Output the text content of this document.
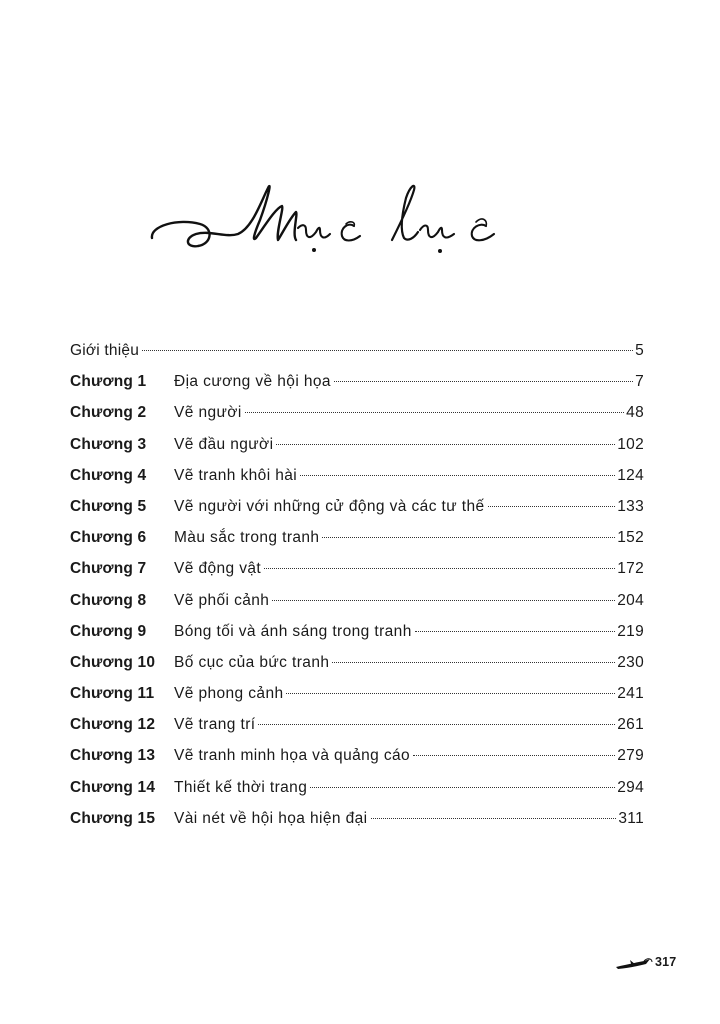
Giới thiệu	5
Chương 1	Địa cương về hội họa	7
Chương 2	Vẽ người	48
Chương 3	Vẽ đầu người	102
Chương 4	Vẽ tranh khôi hài	124
Chương 5	Vẽ người với những cử động và các tư thế	133
Chương 6	Màu sắc trong tranh	152
Chương 7	Vẽ động vật	172
Chương 8	Vẽ phối cảnh	204
Chương 9	Bóng tối và ánh sáng trong tranh	219
Chương 10	Bố cục của bức tranh	230
Chương 11	Vẽ phong cảnh	241
Chương 12	Vẽ trang trí	261
Chương 13	Vẽ tranh minh họa và quảng cáo	279
Chương 14	Thiết kế thời trang	294
Chương 15	Vài nét về hội họa hiện đại	311
317
